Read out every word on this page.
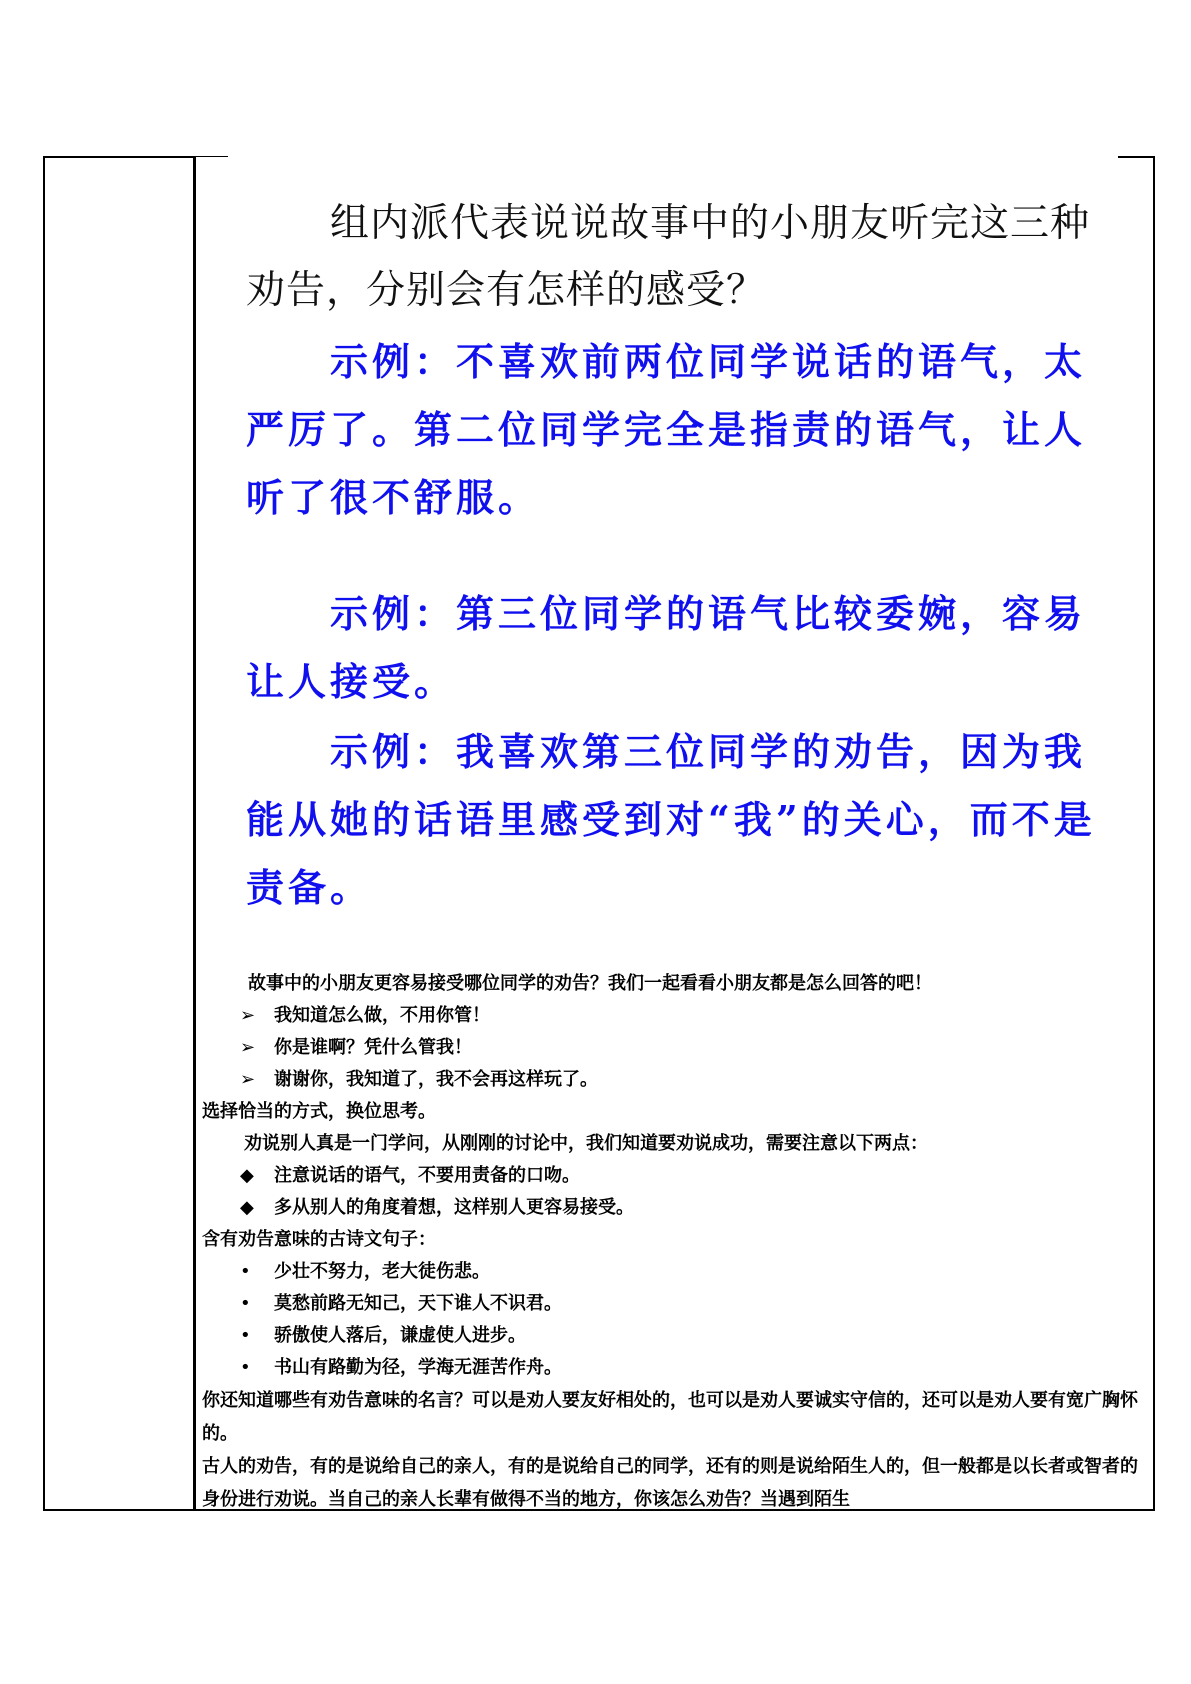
组内派代表说说故事中的小朋友听完这三种劝告，分别会有怎样的感受？
示例：不喜欢前两位同学说话的语气，太严厉了。第二位同学完全是指责的语气，让人听了很不舒服。
示例：第三位同学的语气比较委婉，容易让人接受。
示例：我喜欢第三位同学的劝告，因为我能从她的话语里感受到对“我”的关心，而不是责备。
故事中的小朋友更容易接受哪位同学的劝告？我们一起看看小朋友都是怎么回答的吧！
➢ 我知道怎么做，不用你管！
➢ 你是谁啊？凭什么管我！
➢ 谢谢你，我知道了，我不会再这样玩了。
选择恰当的方式，换位思考。
劝说别人真是一门学问，从刚刚的讨论中，我们知道要劝说成功，需要注意以下两点：
◆ 注意说话的语气，不要用责备的口吻。
◆ 多从别人的角度着想，这样别人更容易接受。
含有劝告意味的古诗文句子：
• 少壮不努力，老大徒伤悲。
• 莫愁前路无知己，天下谁人不识君。
• 骄傲使人落后，谦虚使人进步。
• 书山有路勤为径，学海无涯苦作舟。
你还知道哪些有劝告意味的名言？可以是劝人要友好相处的，也可以是劝人要诚实守信的，还可以是劝人要有宽广胸怀的。
古人的劝告，有的是说给自己的亲人，有的是说给自己的同学，还有的则是说给陌生人的，但一般都是以长者或智者的身份进行劝说。当自己的亲人长辈有做得不当的地方，你该怎么劝告？当遇到陌生
